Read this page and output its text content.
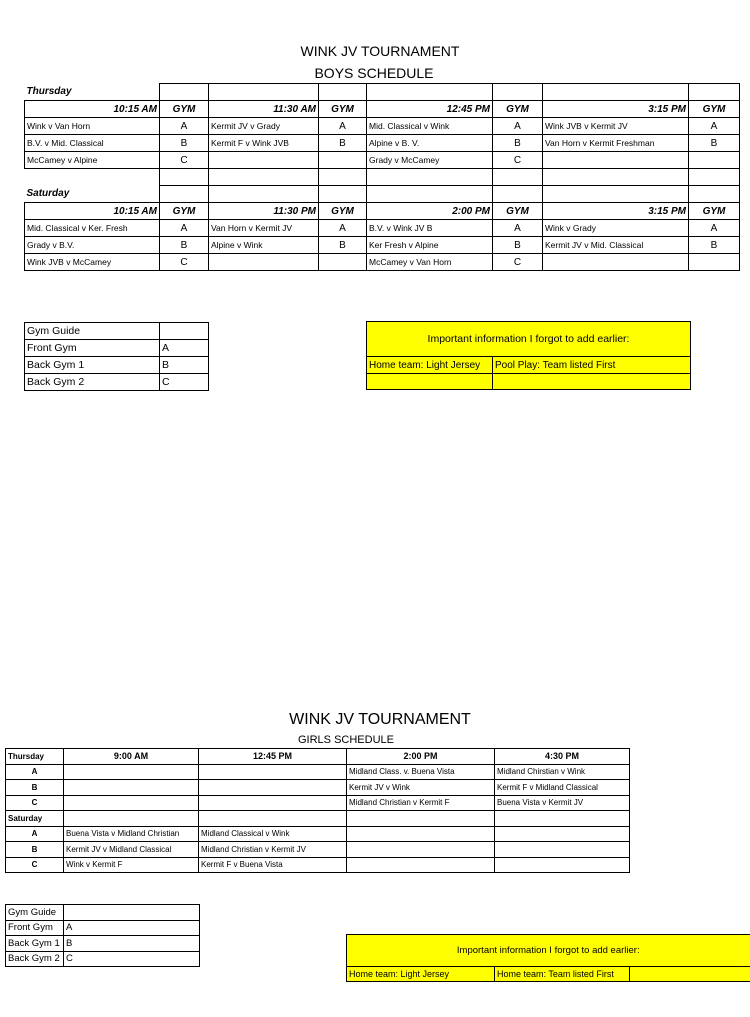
WINK JV TOURNAMENT
BOYS SCHEDULE
Thursday							
10:15 AM	GYM	11:30 AM	GYM	12:45 PM	GYM	3:15 PM	GYM
Wink v Van Horn	A	Kermit JV v Grady	A	Mid. Classical v Wink	A	Wink JVB v Kermit JV	A
B.V. v Mid. Classical	B	Kermit F v Wink JVB	B	Alpine v B. V.	B	Van Horn v Kermit Freshman	B
McCamey v Alpine	C			Grady v McCamey	C		

Saturday							
10:15 AM	GYM	11:30 PM	GYM	2:00 PM	GYM	3:15 PM	GYM
Mid. Classical v Ker. Fresh	A	Van Horn v Kermit JV	A	B.V. v Wink JV B	A	Wink v Grady	A
Grady v B.V.	B	Alpine v Wink	B	Ker Fresh v Alpine	B	Kermit JV v Mid. Classical	B
Wink JVB v McCamey	C			McCamey v Van Horn	C		
Gym Guide	
Front Gym	A
Back Gym 1	B
Back Gym 2	C
Important information I forgot to add earlier:	
Home team: Light Jersey	Pool Play: Team listed First

WINK JV TOURNAMENT
GIRLS SCHEDULE
Thursday	9:00 AM	12:45 PM	2:00 PM	4:30 PM
A			Midland Class. v. Buena Vista	Midland Chirstian v Wink
B			Kermit JV v Wink	Kermit F v Midland Classical
C			Midland Christian v Kermit F	Buena Vista v Kermit JV
Saturday				
A	Buena Vista v Midland Christian	Midland Classical v Wink		
B	Kermit JV v Midland Classical	Midland Christian v Kermit JV		
C	Wink v Kermit F	Kermit F v Buena Vista		
Gym Guide	
Front Gym	A
Back Gym 1	B
Back Gym 2	C
Important information I forgot to add earlier:
Home team: Light Jersey	Home team: Team listed First	
